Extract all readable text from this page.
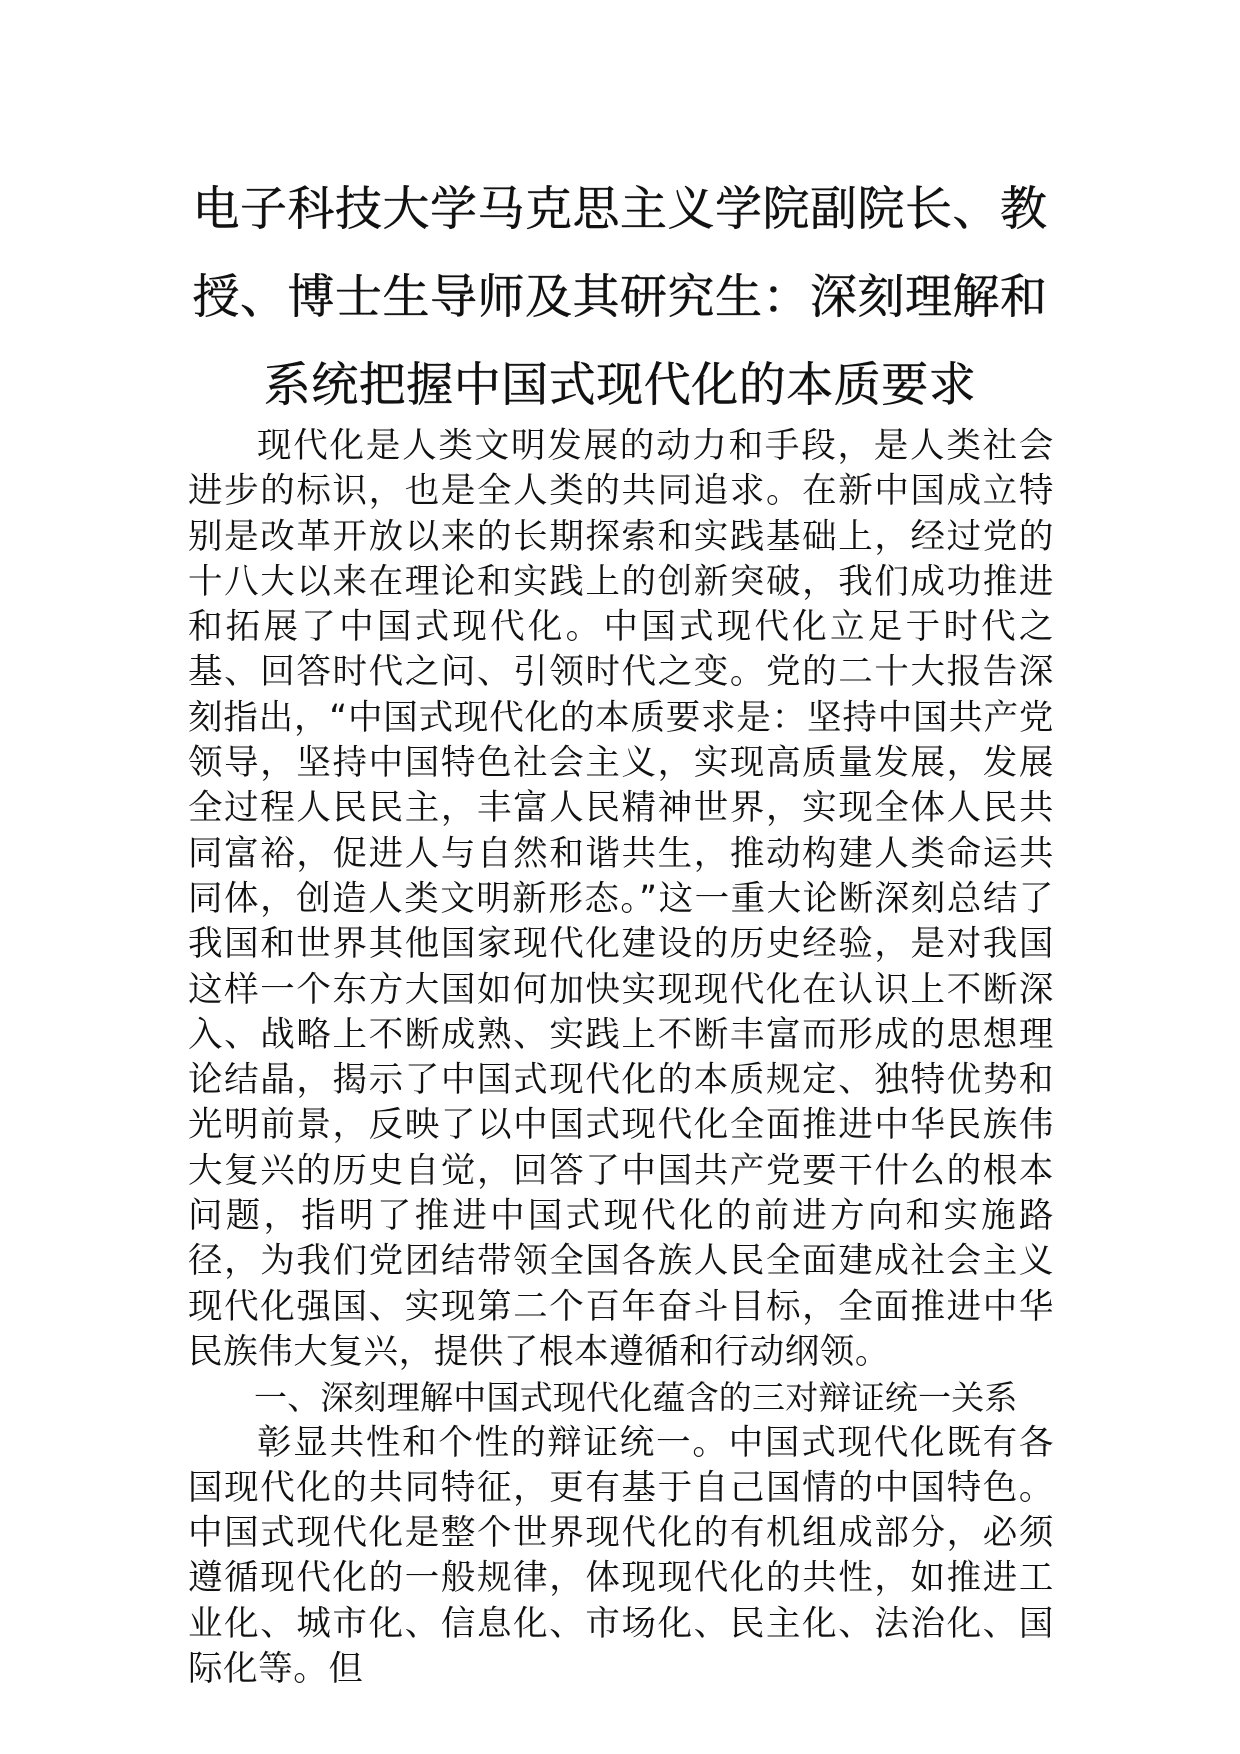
电子科技大学马克思主义学院副院长、教授、博士生导师及其研究生：深刻理解和系统把握中国式现代化的本质要求

现代化是人类文明发展的动力和手段，是人类社会进步的标识，也是全人类的共同追求。在新中国成立特别是改革开放以来的长期探索和实践基础上，经过党的十八大以来在理论和实践上的创新突破，我们成功推进和拓展了中国式现代化。中国式现代化立足于时代之基、回答时代之问、引领时代之变。党的二十大报告深刻指出，“中国式现代化的本质要求是：坚持中国共产党领导，坚持中国特色社会主义，实现高质量发展，发展全过程人民民主，丰富人民精神世界，实现全体人民共同富裕，促进人与自然和谐共生，推动构建人类命运共同体，创造人类文明新形态。”这一重大论断深刻总结了我国和世界其他国家现代化建设的历史经验，是对我国这样一个东方大国如何加快实现现代化在认识上不断深入、战略上不断成熟、实践上不断丰富而形成的思想理论结晶，揭示了中国式现代化的本质规定、独特优势和光明前景，反映了以中国式现代化全面推进中华民族伟大复兴的历史自觉，回答了中国共产党要干什么的根本问题，指明了推进中国式现代化的前进方向和实施路径，为我们党团结带领全国各族人民全面建成社会主义现代化强国、实现第二个百年奋斗目标，全面推进中华民族伟大复兴，提供了根本遵循和行动纲领。

一、深刻理解中国式现代化蕴含的三对辩证统一关系

彰显共性和个性的辩证统一。中国式现代化既有各国现代化的共同特征，更有基于自己国情的中国特色。中国式现代化是整个世界现代化的有机组成部分，必须遵循现代化的一般规律，体现现代化的共性，如推进工业化、城市化、信息化、市场化、民主化、法治化、国际化等。但
